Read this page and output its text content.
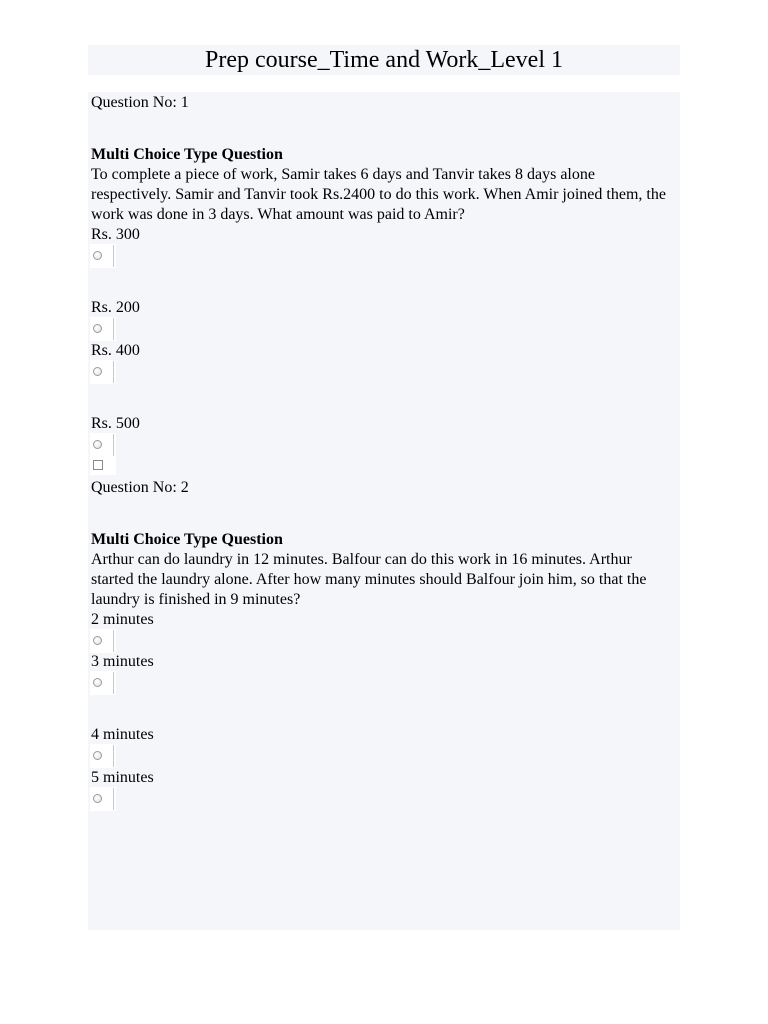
Prep course_Time and Work_Level 1
Question No: 1
Multi Choice Type Question
To complete a piece of work, Samir takes 6 days and Tanvir takes 8 days alone respectively. Samir and Tanvir took Rs.2400 to do this work. When Amir joined them, the work was done in 3 days. What amount was paid to Amir?
Rs. 300
Rs. 200
Rs. 400
Rs. 500
Question No: 2
Multi Choice Type Question
Arthur can do laundry in 12 minutes. Balfour can do this work in 16 minutes. Arthur started the laundry alone. After how many minutes should Balfour join him, so that the laundry is finished in 9 minutes?
2 minutes
3 minutes
4 minutes
5 minutes
